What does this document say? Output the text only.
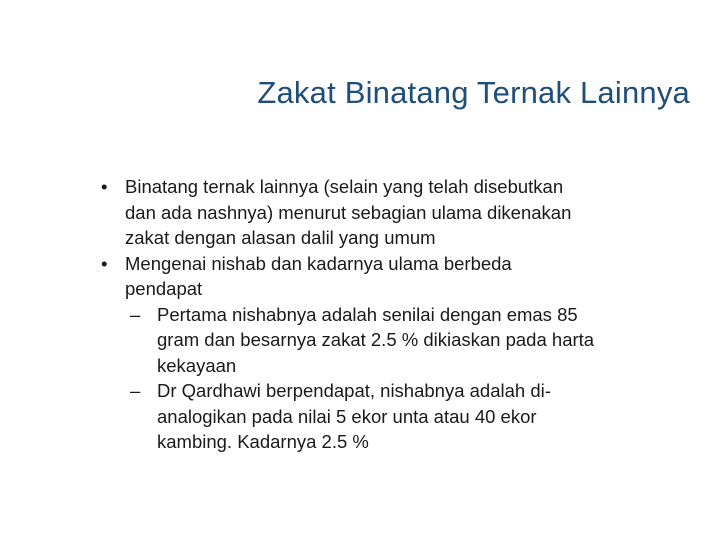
Zakat Binatang Ternak Lainnya
• Binatang ternak lainnya (selain yang telah disebutkan
dan ada nashnya) menurut sebagian ulama dikenakan
zakat dengan alasan dalil yang umum
• Mengenai nishab dan kadarnya ulama berbeda
pendapat
– Pertama nishabnya adalah senilai dengan emas 85
gram dan besarnya zakat 2.5 % dikiaskan pada harta
kekayaan
– Dr Qardhawi berpendapat, nishabnya adalah di-
analogikan pada nilai 5 ekor unta atau 40 ekor
kambing. Kadarnya 2.5 %
